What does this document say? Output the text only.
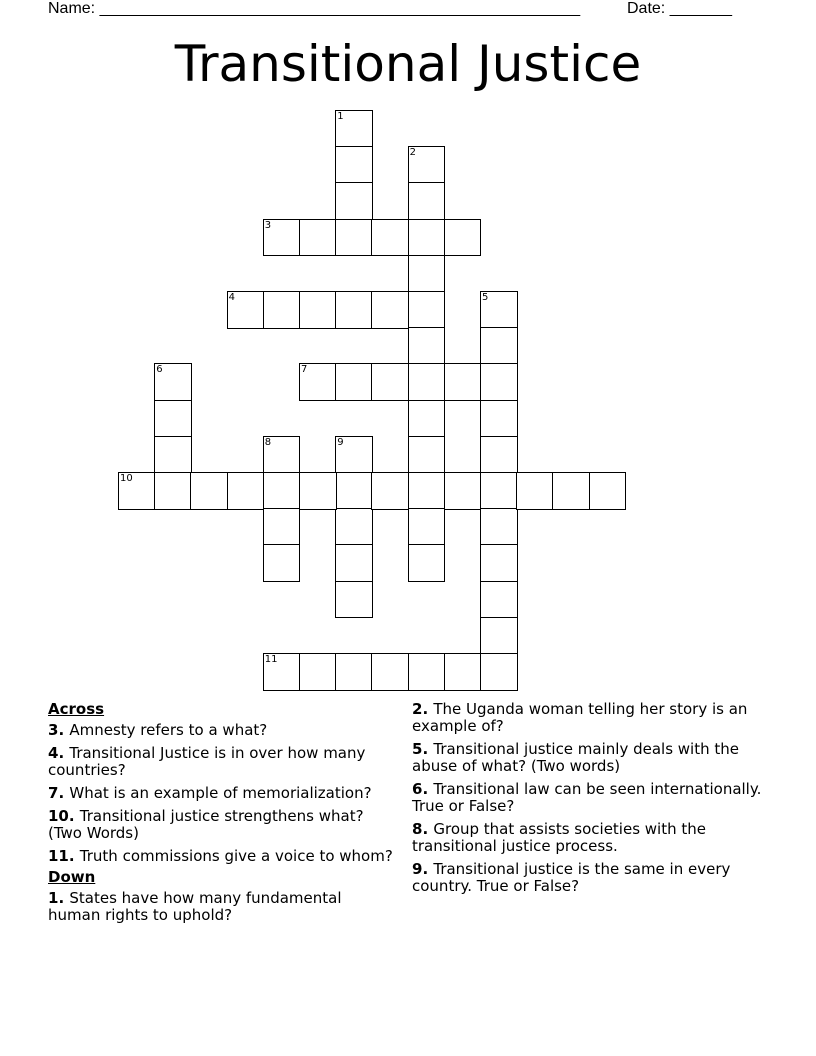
Name: ______________________________________________________	Date: _______
Transitional Justice
1
2
3
4	5
6	7
8	9
10
11
Across
3. Amnesty refers to a what?
4. Transitional Justice is in over how many countries?
7. What is an example of memorialization?
10. Transitional justice strengthens what? (Two Words)
11. Truth commissions give a voice to whom?
Down
1. States have how many fundamental human rights to uphold?
2. The Uganda woman telling her story is an example of?
5. Transitional justice mainly deals with the abuse of what? (Two words)
6. Transitional law can be seen internationally. True or False?
8. Group that assists societies with the transitional justice process.
9. Transitional justice is the same in every country. True or False?
